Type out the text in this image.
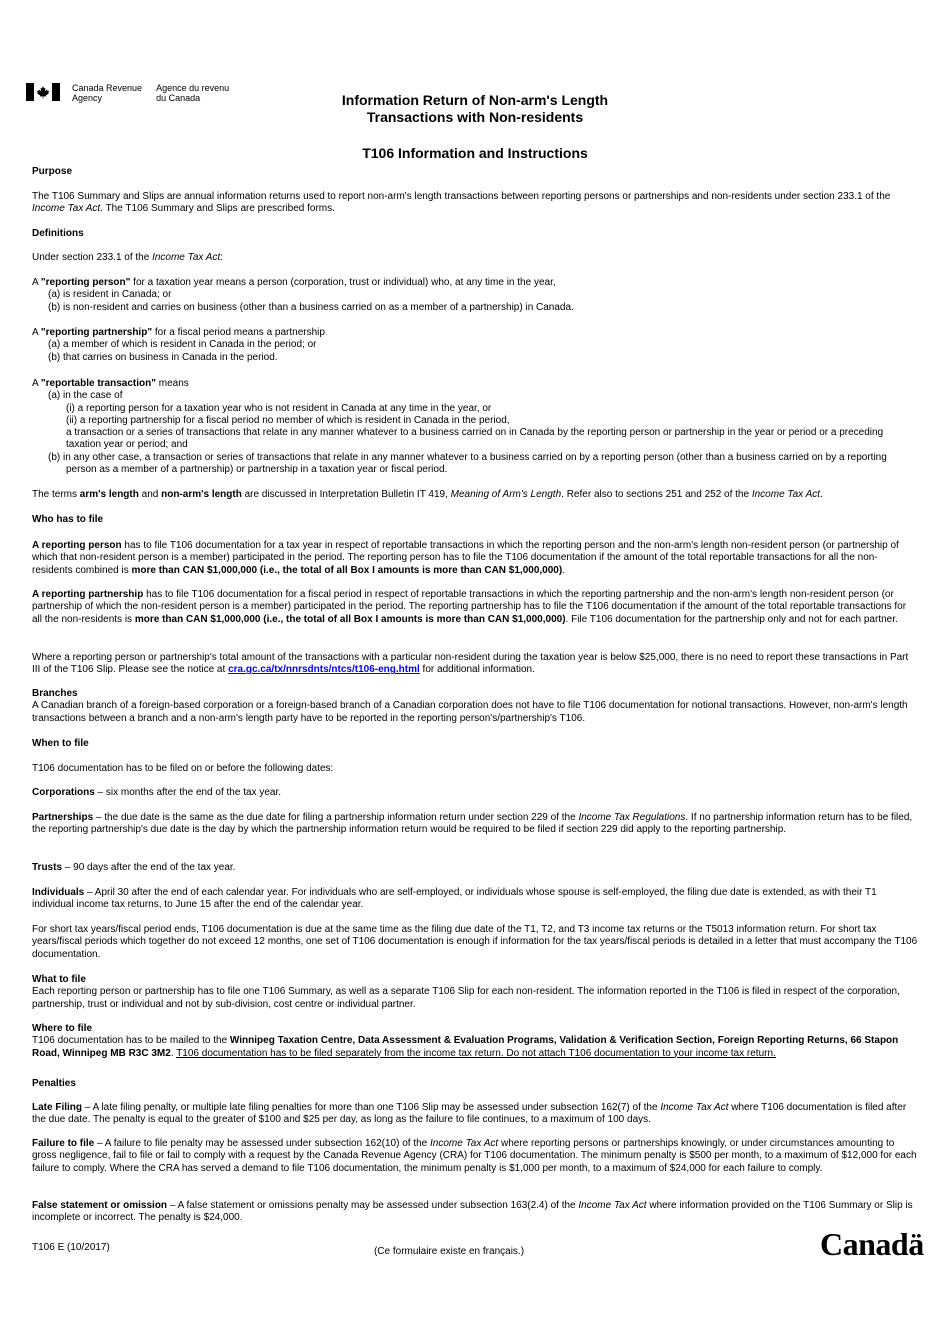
Canada Revenue
Agency
Agence du revenu
du Canada	Information Return of Non-arm's Length
Transactions with Non-residents
T106 Information and Instructions
Purpose
The T106 Summary and Slips are annual information returns used to report non-arm's length transactions between reporting persons or partnerships and non-residents under section 233.1 of the Income Tax Act. The T106 Summary and Slips are prescribed forms.
Definitions
Under section 233.1 of the Income Tax Act:
A "reporting person" for a taxation year means a person (corporation, trust or individual) who, at any time in the year,
(a) is resident in Canada; or
(b) is non-resident and carries on business (other than a business carried on as a member of a partnership) in Canada.
A "reporting partnership" for a fiscal period means a partnership
(a) a member of which is resident in Canada in the period; or
(b) that carries on business in Canada in the period.
A "reportable transaction" means
(a) in the case of
(i) a reporting person for a taxation year who is not resident in Canada at any time in the year, or
(ii) a reporting partnership for a fiscal period no member of which is resident in Canada in the period,
a transaction or a series of transactions that relate in any manner whatever to a business carried on in Canada by the reporting person or partnership in the year or period or a preceding taxation year or period; and
(b) in any other case, a transaction or series of transactions that relate in any manner whatever to a business carried on by a reporting person (other than a business carried on by a reporting person as a member of a partnership) or partnership in a taxation year or fiscal period.
The terms arm's length and non-arm's length are discussed in Interpretation Bulletin IT 419, Meaning of Arm's Length. Refer also to sections 251 and 252 of the Income Tax Act.
Who has to file
A reporting person has to file T106 documentation for a tax year in respect of reportable transactions in which the reporting person and the non-arm's length non-resident person (or partnership of which that non-resident person is a member) participated in the period. The reporting person has to file the T106 documentation if the amount of the total reportable transactions for all the non-residents combined is more than CAN $1,000,000 (i.e., the total of all Box I amounts is more than CAN $1,000,000).
A reporting partnership has to file T106 documentation for a fiscal period in respect of reportable transactions in which the reporting partnership and the non-arm's length non-resident person (or partnership of which the non-resident person is a member) participated in the period. The reporting partnership has to file the T106 documentation if the amount of the total reportable transactions for all the non-residents is more than CAN $1,000,000 (i.e., the total of all Box I amounts is more than CAN $1,000,000). File T106 documentation for the partnership only and not for each partner.
Where a reporting person or partnership's total amount of the transactions with a particular non-resident during the taxation year is below $25,000, there is no need to report these transactions in Part III of the T106 Slip. Please see the notice at cra.gc.ca/tx/nnrsdnts/ntcs/t106-eng.html for additional information.
Branches
A Canadian branch of a foreign-based corporation or a foreign-based branch of a Canadian corporation does not have to file T106 documentation for notional transactions. However, non-arm's length transactions between a branch and a non-arm's length party have to be reported in the reporting person's/partnership's T106.
When to file
T106 documentation has to be filed on or before the following dates:
Corporations – six months after the end of the tax year.
Partnerships – the due date is the same as the due date for filing a partnership information return under section 229 of the Income Tax Regulations. If no partnership information return has to be filed, the reporting partnership's due date is the day by which the partnership information return would be required to be filed if section 229 did apply to the reporting partnership.
Trusts – 90 days after the end of the tax year.
Individuals – April 30 after the end of each calendar year. For individuals who are self-employed, or individuals whose spouse is self-employed, the filing due date is extended, as with their T1 individual income tax returns, to June 15 after the end of the calendar year.
For short tax years/fiscal period ends, T106 documentation is due at the same time as the filing due date of the T1, T2, and T3 income tax returns or the T5013 information return. For short tax years/fiscal periods which together do not exceed 12 months, one set of T106 documentation is enough if information for the tax years/fiscal periods is detailed in a letter that must accompany the T106 documentation.
What to file
Each reporting person or partnership has to file one T106 Summary, as well as a separate T106 Slip for each non-resident. The information reported in the T106 is filed in respect of the corporation, partnership, trust or individual and not by sub-division, cost centre or individual partner.
Where to file
T106 documentation has to be mailed to the Winnipeg Taxation Centre, Data Assessment & Evaluation Programs, Validation & Verification Section, Foreign Reporting Returns, 66 Stapon Road, Winnipeg MB R3C 3M2. T106 documentation has to be filed separately from the income tax return. Do not attach T106 documentation to your income tax return.
Penalties
Late Filing – A late filing penalty, or multiple late filing penalties for more than one T106 Slip may be assessed under subsection 162(7) of the Income Tax Act where T106 documentation is filed after the due date. The penalty is equal to the greater of $100 and $25 per day, as long as the failure to file continues, to a maximum of 100 days.
Failure to file – A failure to file penalty may be assessed under subsection 162(10) of the Income Tax Act where reporting persons or partnerships knowingly, or under circumstances amounting to gross negligence, fail to file or fail to comply with a request by the Canada Revenue Agency (CRA) for T106 documentation. The minimum penalty is $500 per month, to a maximum of $12,000 for each failure to comply. Where the CRA has served a demand to file T106 documentation, the minimum penalty is $1,000 per month, to a maximum of $24,000 for each failure to comply.
False statement or omission – A false statement or omissions penalty may be assessed under subsection 163(2.4) of the Income Tax Act where information provided on the T106 Summary or Slip is incomplete or incorrect. The penalty is $24,000.
T106 E (10/2017)	(Ce formulaire existe en français.)	Canadä
